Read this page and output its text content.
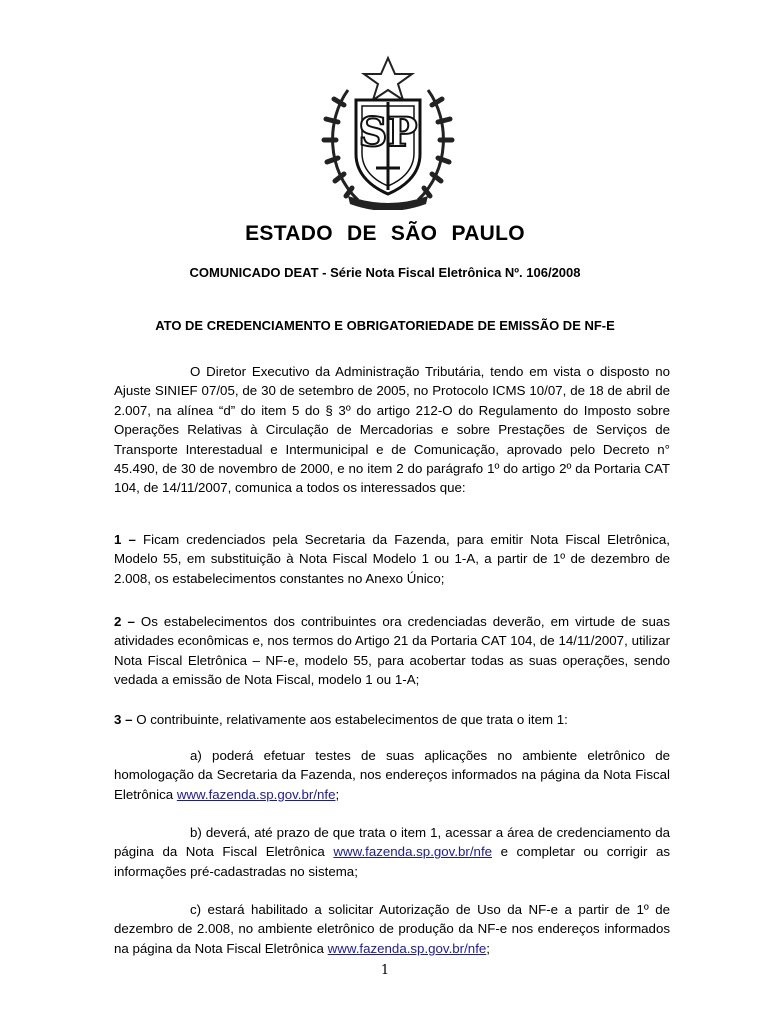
SP
ESTADO DE SÃO PAULO
COMUNICADO DEAT - Série Nota Fiscal Eletrônica Nº. 106/2008
ATO DE CREDENCIAMENTO E OBRIGATORIEDADE DE EMISSÃO DE NF-E

O Diretor Executivo da Administração Tributária, tendo em vista o disposto no Ajuste SINIEF 07/05, de 30 de setembro de 2005, no Protocolo ICMS 10/07, de 18 de abril de 2.007, na alínea “d” do item 5 do § 3º do artigo 212-O do Regulamento do Imposto sobre Operações Relativas à Circulação de Mercadorias e sobre Prestações de Serviços de Transporte Interestadual e Intermunicipal e de Comunicação, aprovado pelo Decreto n° 45.490, de 30 de novembro de 2000, e no item 2 do parágrafo 1º do artigo 2º da Portaria CAT 104, de 14/11/2007, comunica a todos os interessados que:

1 – Ficam credenciados pela Secretaria da Fazenda, para emitir Nota Fiscal Eletrônica, Modelo 55, em substituição à Nota Fiscal Modelo 1 ou 1-A, a partir de 1º de dezembro de 2.008, os estabelecimentos constantes no Anexo Único;

2 – Os estabelecimentos dos contribuintes ora credenciadas deverão, em virtude de suas atividades econômicas e, nos termos do Artigo 21 da Portaria CAT 104, de 14/11/2007, utilizar Nota Fiscal Eletrônica – NF-e, modelo 55, para acobertar todas as suas operações, sendo vedada a emissão de Nota Fiscal, modelo 1 ou 1-A;

3 – O contribuinte, relativamente aos estabelecimentos de que trata o item 1:

a) poderá efetuar testes de suas aplicações no ambiente eletrônico de homologação da Secretaria da Fazenda, nos endereços informados na página da Nota Fiscal Eletrônica www.fazenda.sp.gov.br/nfe;

b) deverá, até prazo de que trata o item 1, acessar a área de credenciamento da página da Nota Fiscal Eletrônica www.fazenda.sp.gov.br/nfe e completar ou corrigir as informações pré-cadastradas no sistema;

c) estará habilitado a solicitar Autorização de Uso da NF-e a partir de 1º de dezembro de 2.008, no ambiente eletrônico de produção da NF-e nos endereços informados na página da Nota Fiscal Eletrônica www.fazenda.sp.gov.br/nfe;

1
